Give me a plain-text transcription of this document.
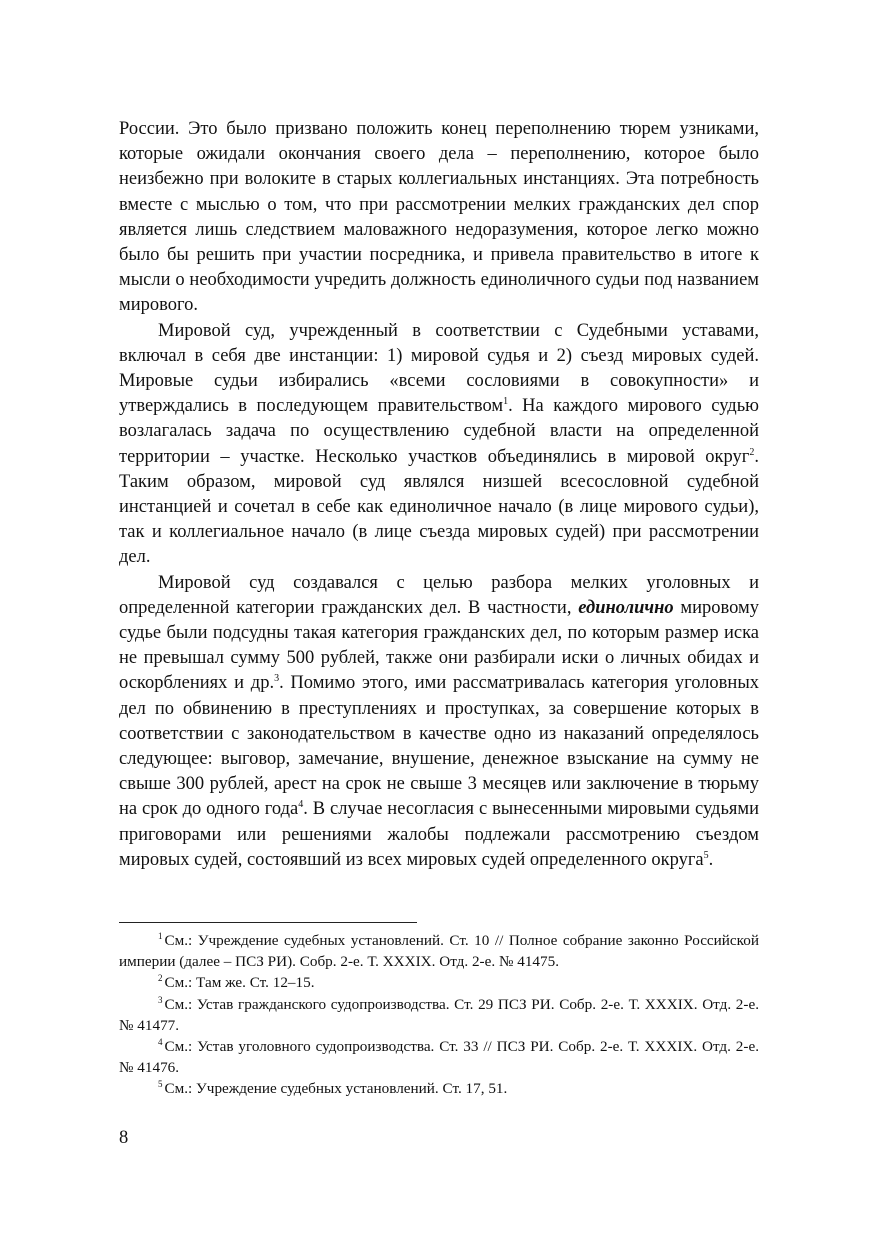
России. Это было призвано положить конец переполнению тюрем узниками, которые ожидали окончания своего дела – переполнению, которое было неизбежно при волоките в старых коллегиальных инстанциях. Эта потребность вместе с мыслью о том, что при рассмотрении мелких гражданских дел спор является лишь следствием маловажного недоразумения, которое легко можно было бы решить при участии посредника, и привела правительство в итоге к мысли о необходимости учредить должность единоличного судьи под названием мирового.

Мировой суд, учрежденный в соответствии с Судебными уставами, включал в себя две инстанции: 1) мировой судья и 2) съезд мировых судей. Мировые судьи избирались «всеми сословиями в совокупности» и утверждались в последующем правительством$^1$. На каждого мирового судью возлагалась задача по осуществлению судебной власти на определенной территории – участке. Несколько участков объединялись в мировой округ$^2$. Таким образом, мировой суд являлся низшей всесословной судебной инстанцией и сочетал в себе как единоличное начало (в лице мирового судьи), так и коллегиальное начало (в лице съезда мировых судей) при рассмотрении дел.

Мировой суд создавался с целью разбора мелких уголовных и определенной категории гражданских дел. В частности, единолично мировому судье были подсудны такая категория гражданских дел, по которым размер иска не превышал сумму 500 рублей, также они разбирали иски о личных обидах и оскорблениях и др.$^3$. Помимо этого, ими рассматривалась категория уголовных дел по обвинению в преступлениях и проступках, за совершение которых в соответствии с законодательством в качестве одно из наказаний определялось следующее: выговор, замечание, внушение, денежное взыскание на сумму не свыше 300 рублей, арест на срок не свыше 3 месяцев или заключение в тюрьму на срок до одного года$^4$. В случае несогласия с вынесенными мировыми судьями приговорами или решениями жалобы подлежали рассмотрению съездом мировых судей, состоявший из всех мировых судей определенного округа$^5$.

$^1$ См.: Учреждение судебных установлений. Ст. 10 // Полное собрание законно Российской империи (далее – ПСЗ РИ). Собр. 2-е. Т. XXXIX. Отд. 2-е. № 41475.

$^2$ См.: Там же. Ст. 12–15.

$^3$ См.: Устав гражданского судопроизводства. Ст. 29 ПСЗ РИ. Собр. 2-е. Т. XXXIX. Отд. 2-е. № 41477.

$^4$ См.: Устав уголовного судопроизводства. Ст. 33 // ПСЗ РИ. Собр. 2-е. Т. XXXIX. Отд. 2-е. № 41476.

$^5$ См.: Учреждение судебных установлений. Ст. 17, 51.

8
